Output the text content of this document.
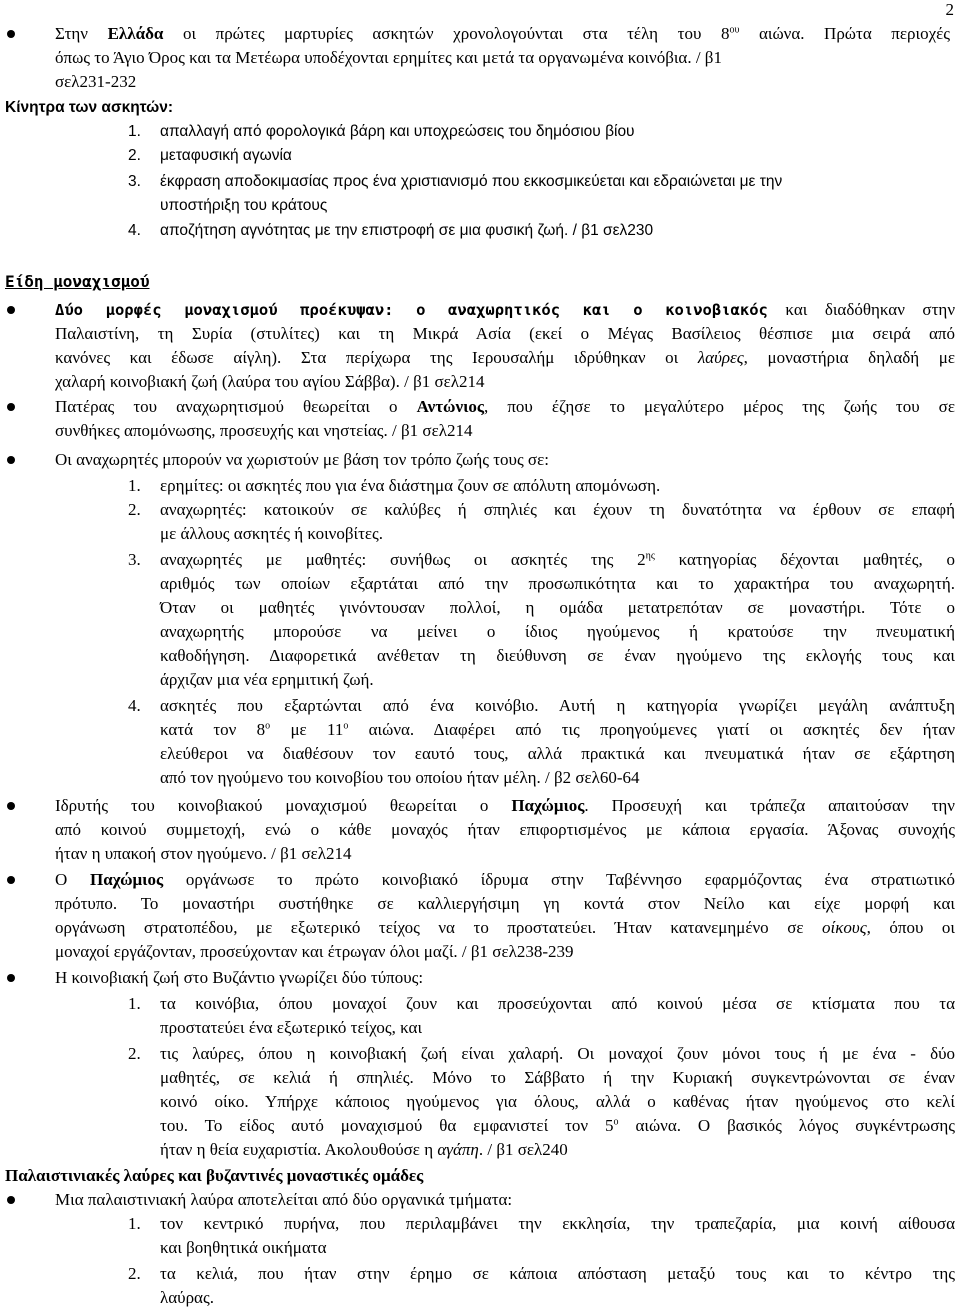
2
Στην Ελλάδα οι πρώτες μαρτυρίες ασκητών χρονολογούνται στα τέλη του $8^{o\upsilon}$ αιώνα. Πρώτα περιοχές
όπως το Άγιο Όρος και τα Μετέωρα υποδέχονται ερημίτες και μετά τα οργανωμένα κοινόβια. / β1
σελ231-232
Κίνητρα των ασκητών:
1. απαλλαγή από φορολογικά βάρη και υποχρεώσεις του δημόσιου βίου
2. μεταφυσική αγωνία
3. έκφραση αποδοκιμασίας προς ένα χριστιανισμό που εκκοσμικεύεται και εδραιώνεται με την
υποστήριξη του κράτους
4. αποζήτηση αγνότητας με την επιστροφή σε μια φυσική ζωή. / β1 σελ230
Είδη μοναχισμού
Δύο μορφές μοναχισμού προέκυψαν: ο αναχωρητικός και ο κοινοβιακός και διαδόθηκαν στην
Παλαιστίνη, τη Συρία (στυλίτες) και τη Μικρά Ασία (εκεί ο Μέγας Βασίλειος θέσπισε μια σειρά από
κανόνες και έδωσε αίγλη). Στα περίχωρα της Ιερουσαλήμ ιδρύθηκαν οι λαύρες, μοναστήρια δηλαδή με
χαλαρή κοινοβιακή ζωή (λαύρα του αγίου Σάββα). / β1 σελ214
Πατέρας του αναχωρητισμού θεωρείται ο Αντώνιος, που έζησε το μεγαλύτερο μέρος της ζωής του σε
συνθήκες απομόνωσης, προσευχής και νηστείας. / β1 σελ214
Οι αναχωρητές μπορούν να χωριστούν με βάση τον τρόπο ζωής τους σε:
1. ερημίτες: οι ασκητές που για ένα διάστημα ζουν σε απόλυτη απομόνωση.
2. αναχωρητές: κατοικούν σε καλύβες ή σπηλιές και έχουν τη δυνατότητα να έρθουν σε επαφή
με άλλους ασκητές ή κοινοβίτες.
3. αναχωρητές με μαθητές: συνήθως οι ασκητές της $2^{\eta\varsigma}$ κατηγορίας δέχονται μαθητές, ο
αριθμός των οποίων εξαρτάται από την προσωπικότητα και το χαρακτήρα του αναχωρητή.
Όταν οι μαθητές γινόντουσαν πολλοί, η ομάδα μετατρεπόταν σε μοναστήρι. Τότε ο
αναχωρητής μπορούσε να μείνει ο ίδιος ηγούμενος ή κρατούσε την πνευματική
καθοδήγηση. Διαφορετικά ανέθεταν τη διεύθυνση σε έναν ηγούμενο της εκλογής τους και
άρχιζαν μια νέα ερημιτική ζωή.
4. ασκητές που εξαρτώνται από ένα κοινόβιο. Αυτή η κατηγορία γνωρίζει μεγάλη ανάπτυξη
κατά τον $8^o$ με $11^o$ αιώνα. Διαφέρει από τις προηγούμενες γιατί οι ασκητές δεν ήταν
ελεύθεροι να διαθέσουν τον εαυτό τους, αλλά πρακτικά και πνευματικά ήταν σε εξάρτηση
από τον ηγούμενο του κοινοβίου του οποίου ήταν μέλη. / β2 σελ60-64
Ιδρυτής του κοινοβιακού μοναχισμού θεωρείται ο Παχώμιος. Προσευχή και τράπεζα απαιτούσαν την
από κοινού συμμετοχή, ενώ ο κάθε μοναχός ήταν επιφορτισμένος με κάποια εργασία. Άξονας συνοχής
ήταν η υπακοή στον ηγούμενο. / β1 σελ214
Ο Παχώμιος οργάνωσε το πρώτο κοινοβιακό ίδρυμα στην Ταβέννησο εφαρμόζοντας ένα στρατιωτικό
πρότυπο. Το μοναστήρι συστήθηκε σε καλλιεργήσιμη γη κοντά στον Νείλο και είχε μορφή και
οργάνωση στρατοπέδου, με εξωτερικό τείχος να το προστατεύει. Ήταν κατανεμημένο σε οίκους, όπου οι
μοναχοί εργάζονταν, προσεύχονταν και έτρωγαν όλοι μαζί. / β1 σελ238-239
Η κοινοβιακή ζωή στο Βυζάντιο γνωρίζει δύο τύπους:
1. τα κοινόβια, όπου μοναχοί ζουν και προσεύχονται από κοινού μέσα σε κτίσματα που τα
προστατεύει ένα εξωτερικό τείχος, και
2. τις λαύρες, όπου η κοινοβιακή ζωή είναι χαλαρή. Οι μοναχοί ζουν μόνοι τους ή με ένα - δύο
μαθητές, σε κελιά ή σπηλιές. Μόνο το Σάββατο ή την Κυριακή συγκεντρώνονται σε έναν
κοινό οίκο. Υπήρχε κάποιος ηγούμενος για όλους, αλλά ο καθένας ήταν ηγούμενος στο κελί
του. Το είδος αυτό μοναχισμού θα εμφανιστεί τον $5^o$ αιώνα. Ο βασικός λόγος συγκέντρωσης
ήταν η θεία ευχαριστία. Ακολουθούσε η αγάπη. / β1 σελ240
Παλαιστινιακές λαύρες και βυζαντινές μοναστικές ομάδες
Μια παλαιστινιακή λαύρα αποτελείται από δύο οργανικά τμήματα:
1. τον κεντρικό πυρήνα, που περιλαμβάνει την εκκλησία, την τραπεζαρία, μια κοινή αίθουσα
και βοηθητικά οικήματα
2. τα κελιά, που ήταν στην έρημο σε κάποια απόσταση μεταξύ τους και το κέντρο της
λαύρας.
